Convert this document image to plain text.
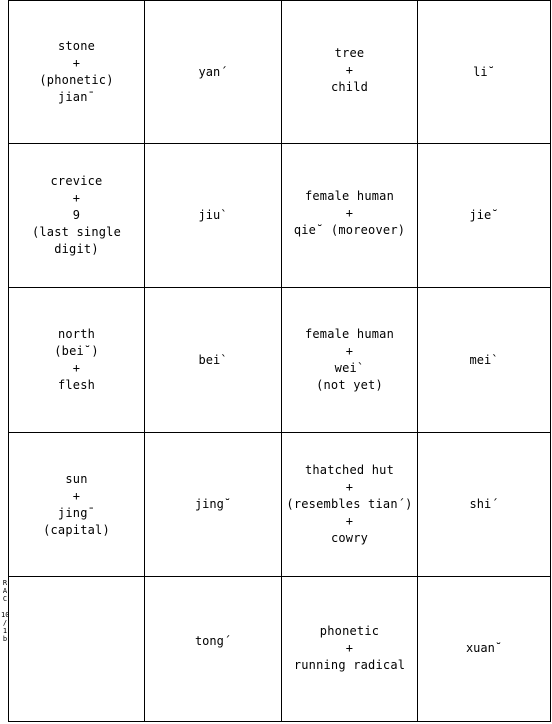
stone
+
(phonetic)
jian¯
yan´
tree
+
child
li˘
crevice
+
9
(last single
digit)
jiu`
female human
+
qie˘ (moreover)
jie˘
north
(bei˘)
+
flesh
bei`
female human
+
wei`
(not yet)
mei`
sun
+
jing¯
(capital)
jing˘
thatched hut
+
(resembles tian´)
+
cowry
shi´
tong´
phonetic
+
running radical
xuan˘
R
A
C

10
/
1
b
